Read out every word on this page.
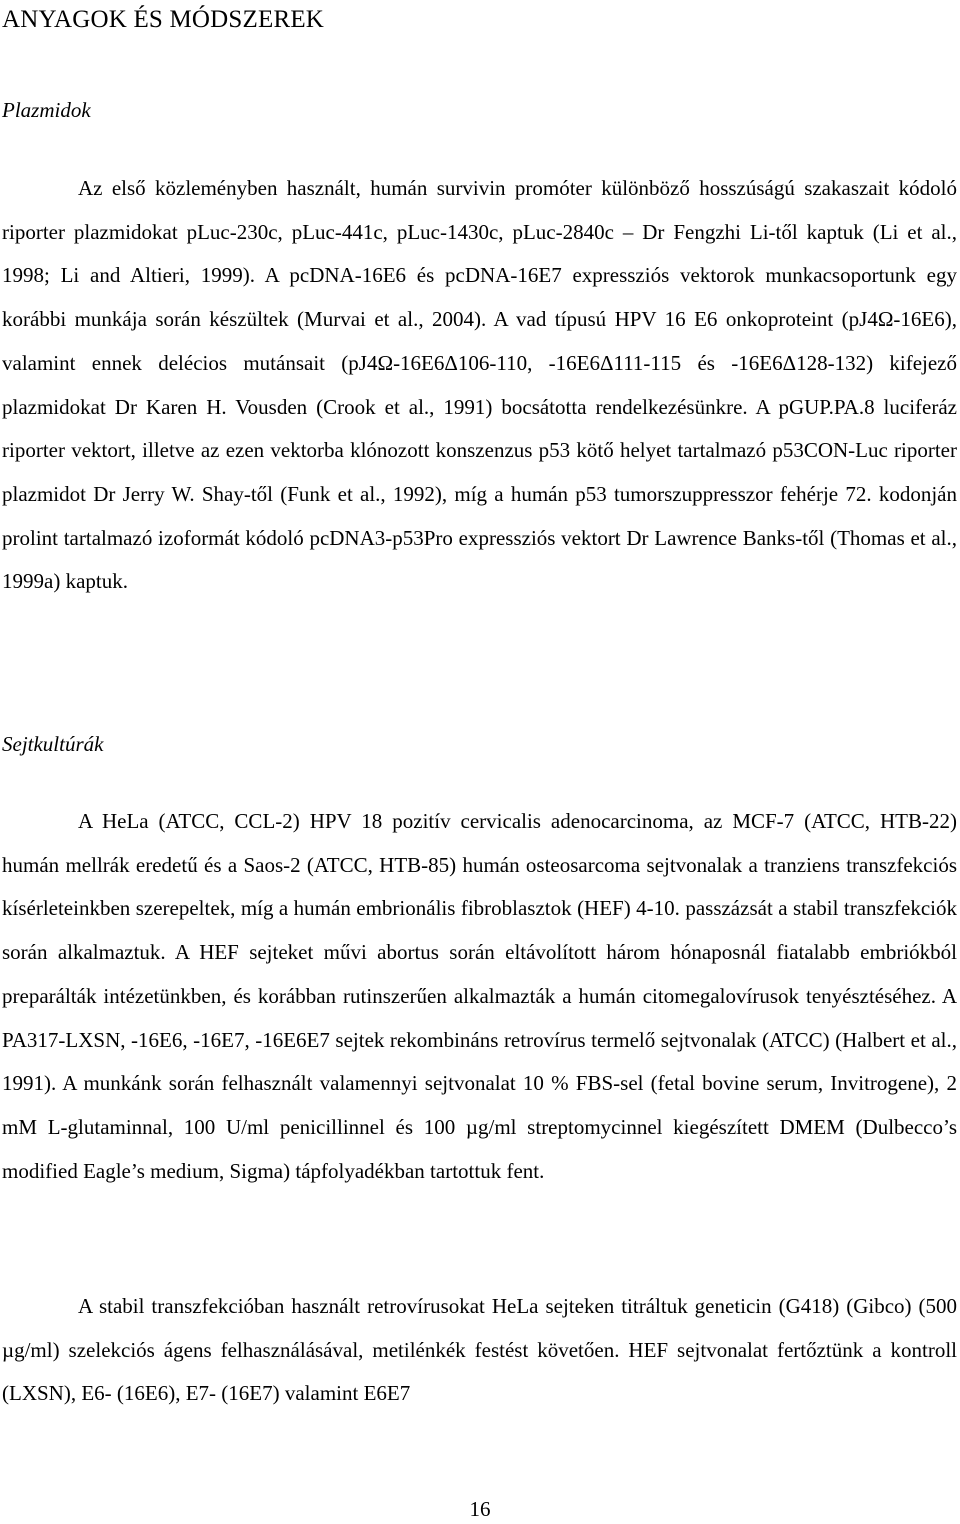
ANYAGOK ÉS MÓDSZEREK
Plazmidok

Az első közleményben használt, humán survivin promóter különböző hosszúságú szakaszait kódoló riporter plazmidokat pLuc-230c, pLuc-441c, pLuc-1430c, pLuc-2840c – Dr Fengzhi Li-től kaptuk (Li et al., 1998; Li and Altieri, 1999). A pcDNA-16E6 és pcDNA-16E7 expressziós vektorok munkacsoportunk egy korábbi munkája során készültek (Murvai et al., 2004). A vad típusú HPV 16 E6 onkoproteint (pJ4Ω-16E6), valamint ennek delécios mutánsait (pJ4Ω-16E6Δ106-110, -16E6Δ111-115 és -16E6Δ128-132) kifejező plazmidokat Dr Karen H. Vousden (Crook et al., 1991) bocsátotta rendelkezésünkre. A pGUP.PA.8 luciferáz riporter vektort, illetve az ezen vektorba klónozott konszenzus p53 kötő helyet tartalmazó p53CON-Luc riporter plazmidot Dr Jerry W. Shay-től (Funk et al., 1992), míg a humán p53 tumorszuppresszor fehérje 72. kodonján prolint tartalmazó izoformát kódoló pcDNA3-p53Pro expressziós vektort Dr Lawrence Banks-től (Thomas et al., 1999a) kaptuk.

Sejtkultúrák

A HeLa (ATCC, CCL-2) HPV 18 pozitív cervicalis adenocarcinoma, az MCF-7 (ATCC, HTB-22) humán mellrák eredetű és a Saos-2 (ATCC, HTB-85) humán osteosarcoma sejtvonalak a tranziens transzfekciós kísérleteinkben szerepeltek, míg a humán embrionális fibroblasztok (HEF) 4-10. passzázsát a stabil transzfekciók során alkalmaztuk. A HEF sejteket művi abortus során eltávolított három hónaposnál fiatalabb embriókból preparálták intézetünkben, és korábban rutinszerűen alkalmazták a humán citomegalovírusok tenyésztéséhez. A PA317-LXSN, -16E6, -16E7, -16E6E7 sejtek rekombináns retrovírus termelő sejtvonalak (ATCC) (Halbert et al., 1991). A munkánk során felhasznált valamennyi sejtvonalat 10 % FBS-sel (fetal bovine serum, Invitrogene), 2 mM L-glutaminnal, 100 U/ml penicillinnel és 100 µg/ml streptomycinnel kiegészített DMEM (Dulbecco’s modified Eagle’s medium, Sigma) tápfolyadékban tartottuk fent.

A stabil transzfekcióban használt retrovírusokat HeLa sejteken titráltuk geneticin (G418) (Gibco) (500 µg/ml) szelekciós ágens felhasználásával, metilénkék festést követően. HEF sejtvonalat fertőztünk a kontroll (LXSN), E6- (16E6), E7- (16E7) valamint E6E7

16
